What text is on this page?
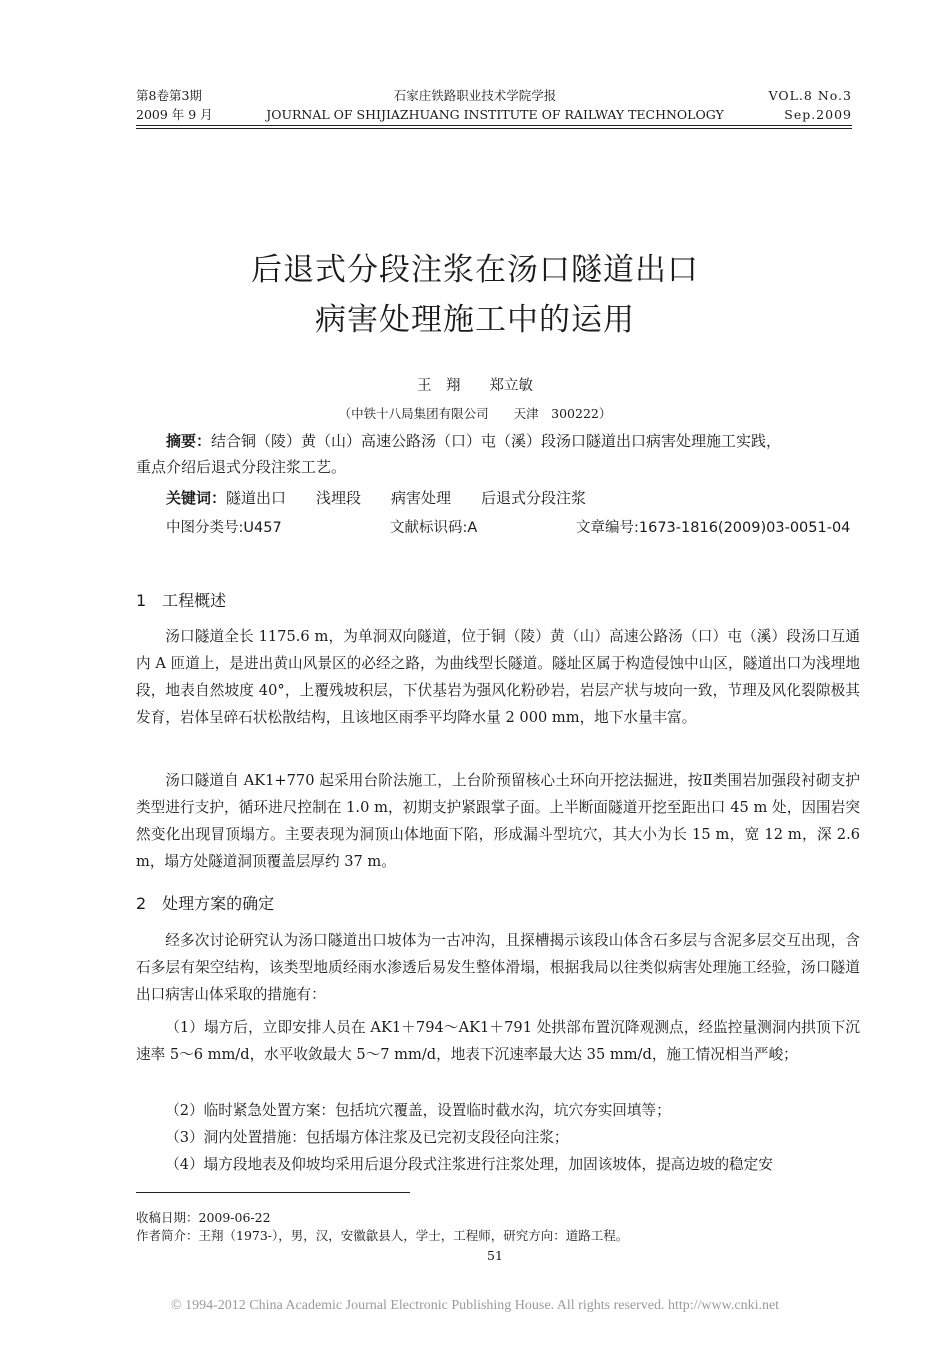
第8卷第3期
2009 年 9 月
石家庄铁路职业技术学院学报
JOURNAL OF SHIJIAZHUANG INSTITUTE OF RAILWAY TECHNOLOGY
VOL.8 No.3
Sep.2009
后退式分段注浆在汤口隧道出口
病害处理施工中的运用
王　翔　　郑立敏
（中铁十八局集团有限公司　　天津　300222）
摘要：结合铜（陵）黄（山）高速公路汤（口）屯（溪）段汤口隧道出口病害处理施工实践，
重点介绍后退式分段注浆工艺。
关键词：隧道出口　　浅埋段　　病害处理　　后退式分段注浆
中图分类号:U457	文献标识码:A	文章编号:1673-1816(2009)03-0051-04
1　工程概述
汤口隧道全长 1175.6 m，为单洞双向隧道，位于铜（陵）黄（山）高速公路汤（口）屯（溪）段汤口互通内 A 匝道上，是进出黄山风景区的必经之路，为曲线型长隧道。隧址区属于构造侵蚀中山区，隧道出口为浅埋地段，地表自然坡度 40°，上覆残坡积层，下伏基岩为强风化粉砂岩，岩层产状与坡向一致，节理及风化裂隙极其发育，岩体呈碎石状松散结构，且该地区雨季平均降水量 2 000 mm，地下水量丰富。
汤口隧道自 AK1+770 起采用台阶法施工，上台阶预留核心土环向开挖法掘进，按Ⅱ类围岩加强段衬砌支护类型进行支护，循环进尺控制在 1.0 m，初期支护紧跟掌子面。上半断面隧道开挖至距出口 45 m 处，因围岩突然变化出现冒顶塌方。主要表现为洞顶山体地面下陷，形成漏斗型坑穴，其大小为长 15 m，宽 12 m，深 2.6 m，塌方处隧道洞顶覆盖层厚约 37 m。
2　处理方案的确定
经多次讨论研究认为汤口隧道出口坡体为一古冲沟，且探槽揭示该段山体含石多层与含泥多层交互出现，含石多层有架空结构，该类型地质经雨水渗透后易发生整体滑塌，根据我局以往类似病害处理施工经验，汤口隧道出口病害山体采取的措施有：
（1）塌方后，立即安排人员在 AK1＋794～AK1＋791 处拱部布置沉降观测点，经监控量测洞内拱顶下沉速率 5～6 mm/d，水平收敛最大 5～7 mm/d，地表下沉速率最大达 35 mm/d，施工情况相当严峻；
（2）临时紧急处置方案：包括坑穴覆盖，设置临时截水沟，坑穴夯实回填等；
（3）洞内处置措施：包括塌方体注浆及已完初支段径向注浆；
（4）塌方段地表及仰坡均采用后退分段式注浆进行注浆处理，加固该坡体，提高边坡的稳定安
收稿日期：2009-06-22
作者简介：王翔（1973-），男，汉，安徽歙县人，学士，工程师，研究方向：道路工程。
51
© 1994-2012 China Academic Journal Electronic Publishing House. All rights reserved. http://www.cnki.net
